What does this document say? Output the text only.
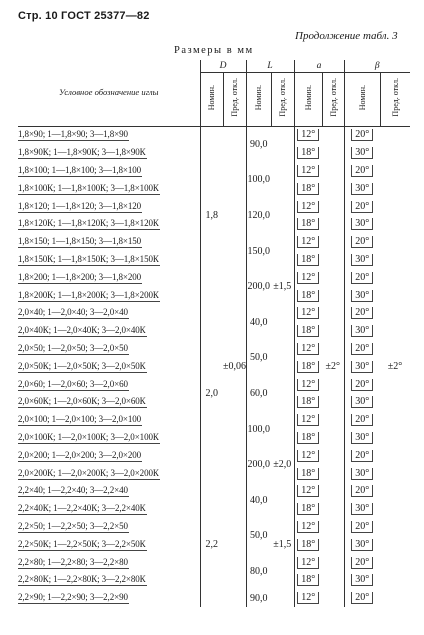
Стр. 10 ГОСТ 25377—82
Продолжение табл. 3
Размеры в мм
Условное обозначение иглы	D		L		a		β	
	Номин.	Пред. откл.	Номин.	Пред. откл.	Номин.	Пред. откл.	Номин.	Пред. откл.
1,8×90; 1—1,8×90; 3—1,8×90	1,8	±0,06	90,0	±1,5	12°	±2°	20°	±2°
1,8×90К; 1—1,8×90К; 3—1,8×90К					18°		30°	
1,8×100; 1—1,8×100; 3—1,8×100			100,0		12°		20°	
1,8×100К; 1—1,8×100К; 3—1,8×100К					18°		30°	
1,8×120; 1—1,8×120; 3—1,8×120			120,0		12°		20°	
1,8×120К; 1—1,8×120К; 3—1,8×120К					18°		30°	
1,8×150; 1—1,8×150; 3—1,8×150			150,0		12°		20°	
1,8×150К; 1—1,8×150К; 3—1,8×150К					18°		30°	
1,8×200; 1—1,8×200; 3—1,8×200			200,0		12°		20°	
1,8×200К; 1—1,8×200К; 3—1,8×200К					18°		30°	
2,0×40; 1—2,0×40; 3—2,0×40	2,0		40,0		12°		20°	
2,0×40К; 1—2,0×40К; 3—2,0×40К					18°		30°	
2,0×50; 1—2,0×50; 3—2,0×50			50,0		12°		20°	
2,0×50К; 1—2,0×50К; 3—2,0×50К					18°		30°	
2,0×60; 1—2,0×60; 3—2,0×60			60,0		12°		20°	
2,0×60К; 1—2,0×60К; 3—2,0×60К					18°		30°	
2,0×100; 1—2,0×100; 3—2,0×100			100,0		12°		20°	
2,0×100К; 1—2,0×100К; 3—2,0×100К					18°		30°	
2,0×200; 1—2,0×200; 3—2,0×200			200,0	±2,0	12°		20°	
2,0×200К; 1—2,0×200К; 3—2,0×200К					18°		30°	
2,2×40; 1—2,2×40; 3—2,2×40	2,2		40,0	±1,5	12°		20°	
2,2×40К; 1—2,2×40К; 3—2,2×40К					18°		30°	
2,2×50; 1—2,2×50; 3—2,2×50			50,0		12°		20°	
2,2×50К; 1—2,2×50К; 3—2,2×50К					18°		30°	
2,2×80; 1—2,2×80; 3—2,2×80			80,0		12°		20°	
2,2×80К; 1—2,2×80К; 3—2,2×80К					18°		30°	
2,2×90; 1—2,2×90; 3—2,2×90			90,0		12°		20°	
